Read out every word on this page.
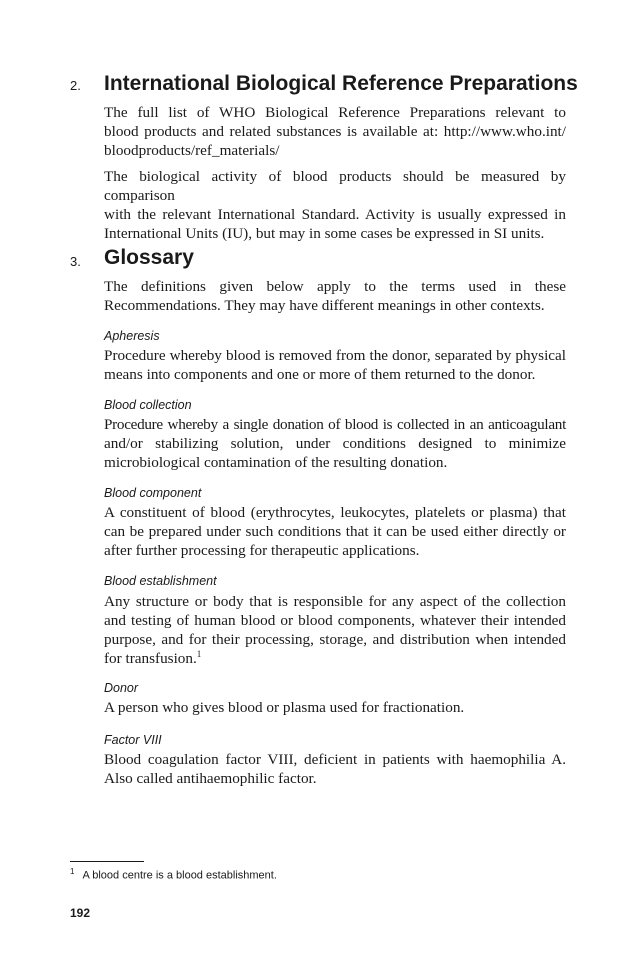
2. International Biological Reference Preparations
The full list of WHO Biological Reference Preparations relevant to
blood products and related substances is available at: http://www.who.int/
bloodproducts/ref_materials/
The biological activity of blood products should be measured by comparison
with the relevant International Standard. Activity is usually expressed in
International Units (IU), but may in some cases be expressed in SI units.
3. Glossary
The definitions given below apply to the terms used in these
Recommendations. They may have different meanings in other contexts.
Apheresis
Procedure whereby blood is removed from the donor, separated by physical
means into components and one or more of them returned to the donor.
Blood collection
Procedure whereby a single donation of blood is collected in an anticoagulant
and/or stabilizing solution, under conditions designed to minimize
microbiological contamination of the resulting donation.
Blood component
A constituent of blood (erythrocytes, leukocytes, platelets or plasma) that
can be prepared under such conditions that it can be used either directly or
after further processing for therapeutic applications.
Blood establishment
Any structure or body that is responsible for any aspect of the collection
and testing of human blood or blood components, whatever their intended
purpose, and for their processing, storage, and distribution when intended
for transfusion.$^1$
Donor
A person who gives blood or plasma used for fractionation.
Factor VIII
Blood coagulation factor VIII, deficient in patients with haemophilia A.
Also called antihaemophilic factor.
$^1$ A blood centre is a blood establishment.
192
